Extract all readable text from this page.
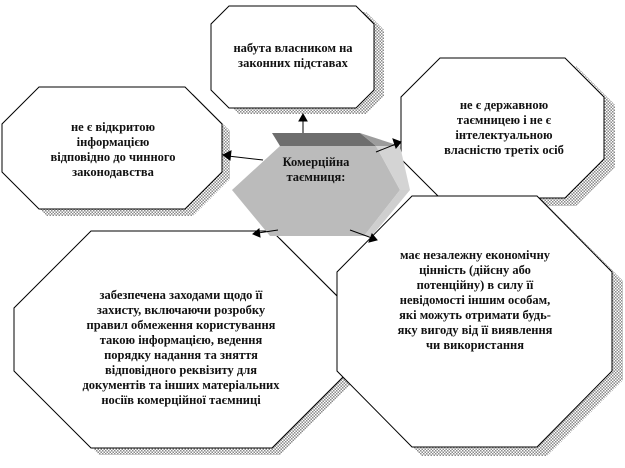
Комерційна
таємниця:
набута власником на
законних підставах
не є відкритою
інформацією
відповідно до чинного
законодавства
не є державною
таємницею і не є
інтелектуальною
власністю третіх осіб
забезпечена заходами щодо її
захисту, включаючи розробку
правил обмеження користування
такою інформацією, ведення
порядку надання та зняття
відповідного реквізиту для
документів та інших матеріальних
носіїв комерційної таємниці
має незалежну економічну
цінність (дійсну або
потенційну) в силу її
невідомості іншим особам,
які можуть отримати будь-
яку вигоду від її виявлення
чи використання
